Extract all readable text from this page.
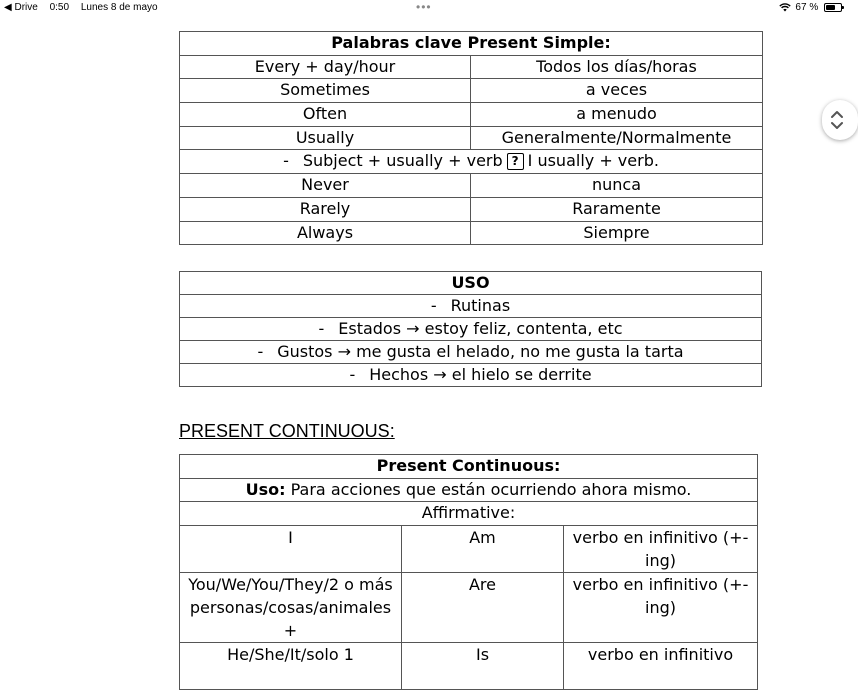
◀ Drive 0:50 Lunes 8 de mayo	•••	67 %
Palabras clave Present Simple:	
Every + day/hour	Todos los días/horas
Sometimes	a veces
Often	a menudo
Usually	Generalmente/Normalmente
- Subject + usually + verb ? I usually + verb.	
Never	nunca
Rarely	Raramente
Always	Siempre
USO
- Rutinas
- Estados → estoy feliz, contenta, etc
- Gustos → me gusta el helado, no me gusta la tarta
- Hechos → el hielo se derrite
PRESENT CONTINUOUS:
Present Continuous:		
Uso: Para acciones que están ocurriendo ahora mismo.		
Affirmative:		
I	Am	verbo en infinitivo (+-ing)
You/We/You/They/2 o más personas/cosas/animales +	Are	verbo en infinitivo (+-ing)
He/She/It/solo 1	Is	verbo en infinitivo
